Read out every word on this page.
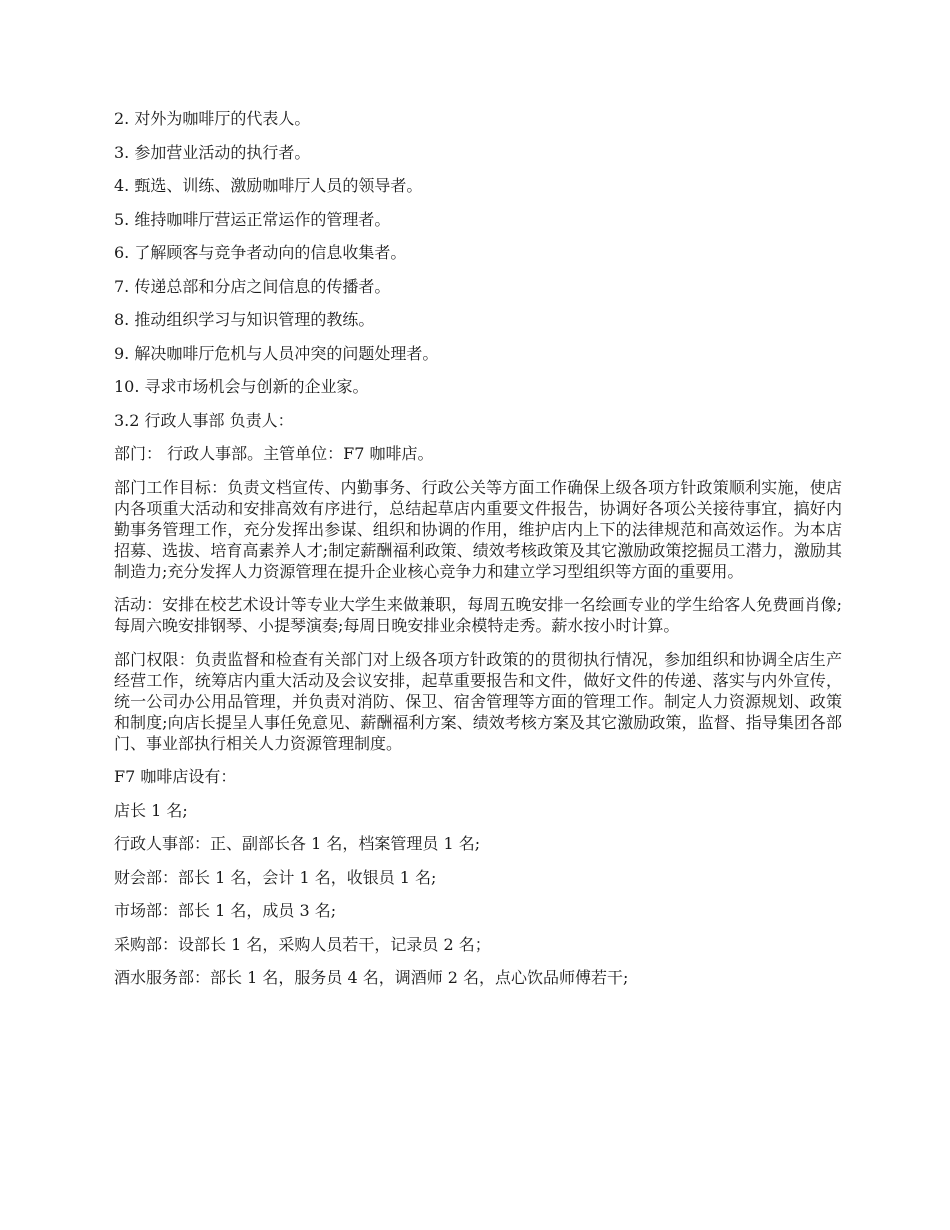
2. 对外为咖啡厅的代表人。

3. 参加营业活动的执行者。

4. 甄选、训练、激励咖啡厅人员的领导者。

5. 维持咖啡厅营运正常运作的管理者。

6. 了解顾客与竞争者动向的信息收集者。

7. 传递总部和分店之间信息的传播者。

8. 推动组织学习与知识管理的教练。

9. 解决咖啡厅危机与人员冲突的问题处理者。

10. 寻求市场机会与创新的企业家。

3.2 行政人事部 负责人：

部门： 行政人事部。主管单位：F7 咖啡店。

部门工作目标：负责文档宣传、内勤事务、行政公关等方面工作确保上级各项方针政策顺利实施，使店内各项重大活动和安排高效有序进行，总结起草店内重要文件报告，协调好各项公关接待事宜，搞好内勤事务管理工作，充分发挥出参谋、组织和协调的作用，维护店内上下的法律规范和高效运作。为本店招募、选拔、培育高素养人才;制定薪酬福利政策、绩效考核政策及其它激励政策挖掘员工潜力，激励其制造力;充分发挥人力资源管理在提升企业核心竞争力和建立学习型组织等方面的重要用。

活动：安排在校艺术设计等专业大学生来做兼职，每周五晚安排一名绘画专业的学生给客人免费画肖像;每周六晚安排钢琴、小提琴演奏;每周日晚安排业余模特走秀。薪水按小时计算。

部门权限：负责监督和检查有关部门对上级各项方针政策的的贯彻执行情况，参加组织和协调全店生产经营工作，统筹店内重大活动及会议安排，起草重要报告和文件，做好文件的传递、落实与内外宣传，统一公司办公用品管理，并负责对消防、保卫、宿舍管理等方面的管理工作。制定人力资源规划、政策和制度;向店长提呈人事任免意见、薪酬福利方案、绩效考核方案及其它激励政策，监督、指导集团各部门、事业部执行相关人力资源管理制度。

F7 咖啡店设有：

店长 1 名;

行政人事部：正、副部长各 1 名，档案管理员 1 名;

财会部：部长 1 名，会计 1 名，收银员 1 名;

市场部：部长 1 名，成员 3 名;

采购部：设部长 1 名，采购人员若干，记录员 2 名；

酒水服务部：部长 1 名，服务员 4 名，调酒师 2 名，点心饮品师傅若干;
